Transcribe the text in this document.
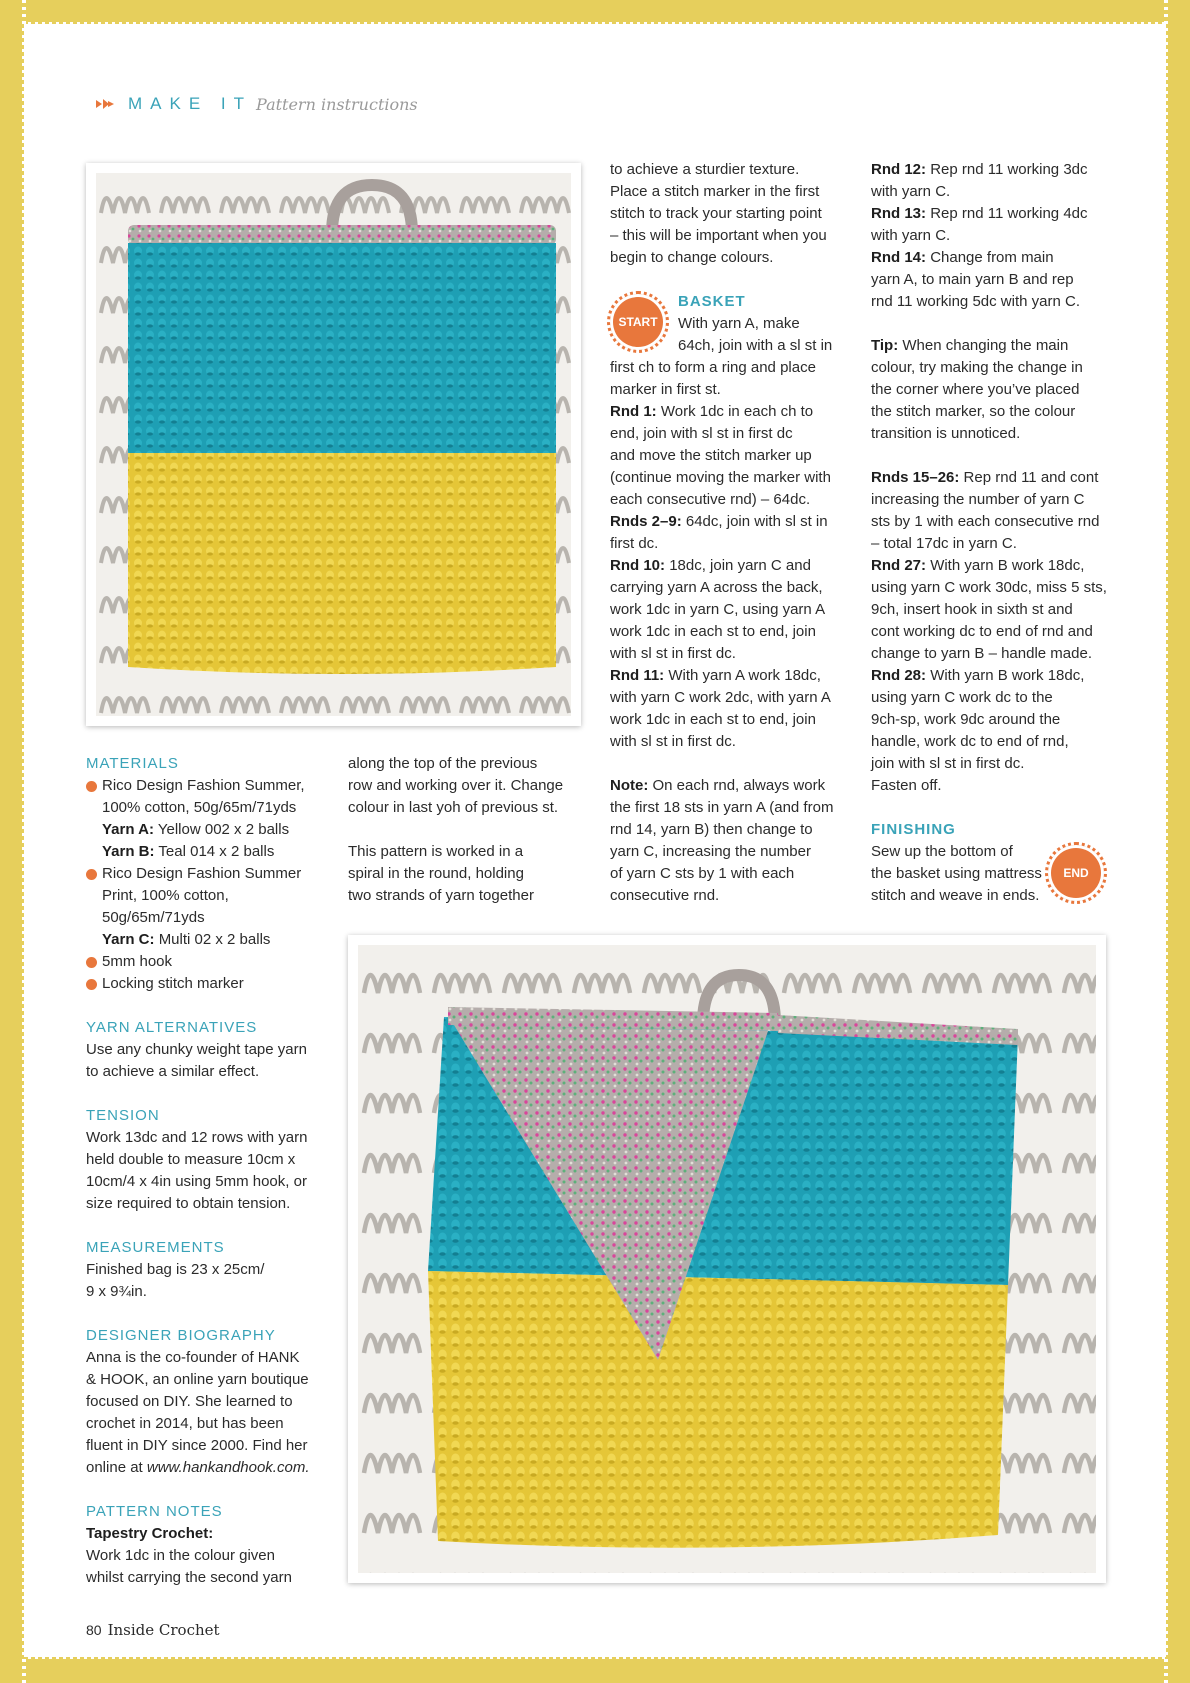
MAKE IT Pattern instructions

MATERIALS

Rico Design Fashion Summer,

100% cotton, 50g/65m/71yds

Yarn A: Yellow 002 x 2 balls

Yarn B: Teal 014 x 2 balls

Rico Design Fashion Summer

Print, 100% cotton,

50g/65m/71yds

Yarn C: Multi 02 x 2 balls

5mm hook

Locking stitch marker

YARN ALTERNATIVES

Use any chunky weight tape yarn

to achieve a similar effect.

TENSION

Work 13dc and 12 rows with yarn

held double to measure 10cm x

10cm/4 x 4in using 5mm hook, or

size required to obtain tension.

MEASUREMENTS

Finished bag is 23 x 25cm/

9 x 9¾in.

DESIGNER BIOGRAPHY

Anna is the co-founder of HANK

& HOOK, an online yarn boutique

focused on DIY. She learned to

crochet in 2014, but has been

fluent in DIY since 2000. Find her

online at www.hankandhook.com.

PATTERN NOTES

Tapestry Crochet:

Work 1dc in the colour given

whilst carrying the second yarn

along the top of the previous

row and working over it. Change

colour in last yoh of previous st.

This pattern is worked in a

spiral in the round, holding

two strands of yarn together

to achieve a sturdier texture.

Place a stitch marker in the first

stitch to track your starting point

– this will be important when you

begin to change colours.

BASKET

With yarn A, make

64ch, join with a sl st in

first ch to form a ring and place

marker in first st.

Rnd 1: Work 1dc in each ch to

end, join with sl st in first dc

and move the stitch marker up

(continue moving the marker with

each consecutive rnd) – 64dc.

Rnds 2–9: 64dc, join with sl st in

first dc.

Rnd 10: 18dc, join yarn C and

carrying yarn A across the back,

work 1dc in yarn C, using yarn A

work 1dc in each st to end, join

with sl st in first dc.

Rnd 11: With yarn A work 18dc,

with yarn C work 2dc, with yarn A

work 1dc in each st to end, join

with sl st in first dc.

Note: On each rnd, always work

the first 18 sts in yarn A (and from

rnd 14, yarn B) then change to

yarn C, increasing the number

of yarn C sts by 1 with each

consecutive rnd.

START

Rnd 12: Rep rnd 11 working 3dc

with yarn C.

Rnd 13: Rep rnd 11 working 4dc

with yarn C.

Rnd 14: Change from main

yarn A, to main yarn B and rep

rnd 11 working 5dc with yarn C.

Tip: When changing the main

colour, try making the change in

the corner where you’ve placed

the stitch marker, so the colour

transition is unnoticed.

Rnds 15–26: Rep rnd 11 and cont

increasing the number of yarn C

sts by 1 with each consecutive rnd

– total 17dc in yarn C.

Rnd 27: With yarn B work 18dc,

using yarn C work 30dc, miss 5 sts,

9ch, insert hook in sixth st and

cont working dc to end of rnd and

change to yarn B – handle made.

Rnd 28: With yarn B work 18dc,

using yarn C work dc to the

9ch-sp, work 9dc around the

handle, work dc to end of rnd,

join with sl st in first dc.

Fasten off.

FINISHING

Sew up the bottom of

the basket using mattress

stitch and weave in ends.

END
80 Inside Crochet
